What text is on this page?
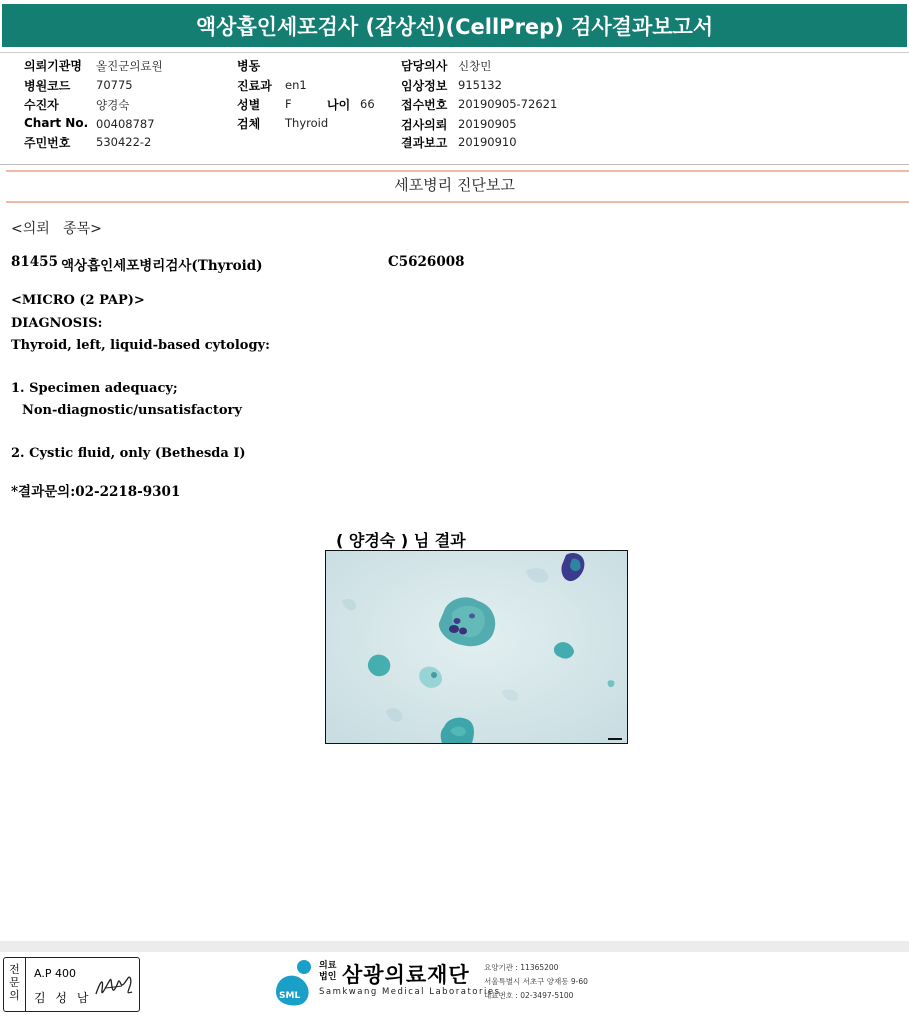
액상흡인세포검사 (갑상선)(CellPrep) 검사결과보고서
의뢰기관명 올진군의료원
병원코드 70775
수진자	양경숙
Chart No. 00408787
주민번호 530422-2
병동
진료과 en1
성별 F	나이 66
검체 Thyroid
담당의사 신창민
임상정보 915132
접수번호 20190905-72621
검사의뢰 20190905
결과보고 20190910
세포병리 진단보고
<의뢰   종목>
81455 액상흡인세포병리검사(Thyroid)	C5626008
<MICRO (2 PAP)>
DIAGNOSIS:
Thyroid, left, liquid-based cytology:
1. Specimen adequacy;
Non-diagnostic/unsatisfactory
2. Cystic fluid, only (Bethesda I)
*결과문의:02-2218-9301
( 양경숙 ) 님 결과
전
문
의
A.P 400
김 성 남	SML
의료
법인 삼광의료재단
Samkwang Medical Laboratories
요양기관 : 11365200
서울특별시 서초구 양재동 9-60
대표번호 : 02-3497-5100
